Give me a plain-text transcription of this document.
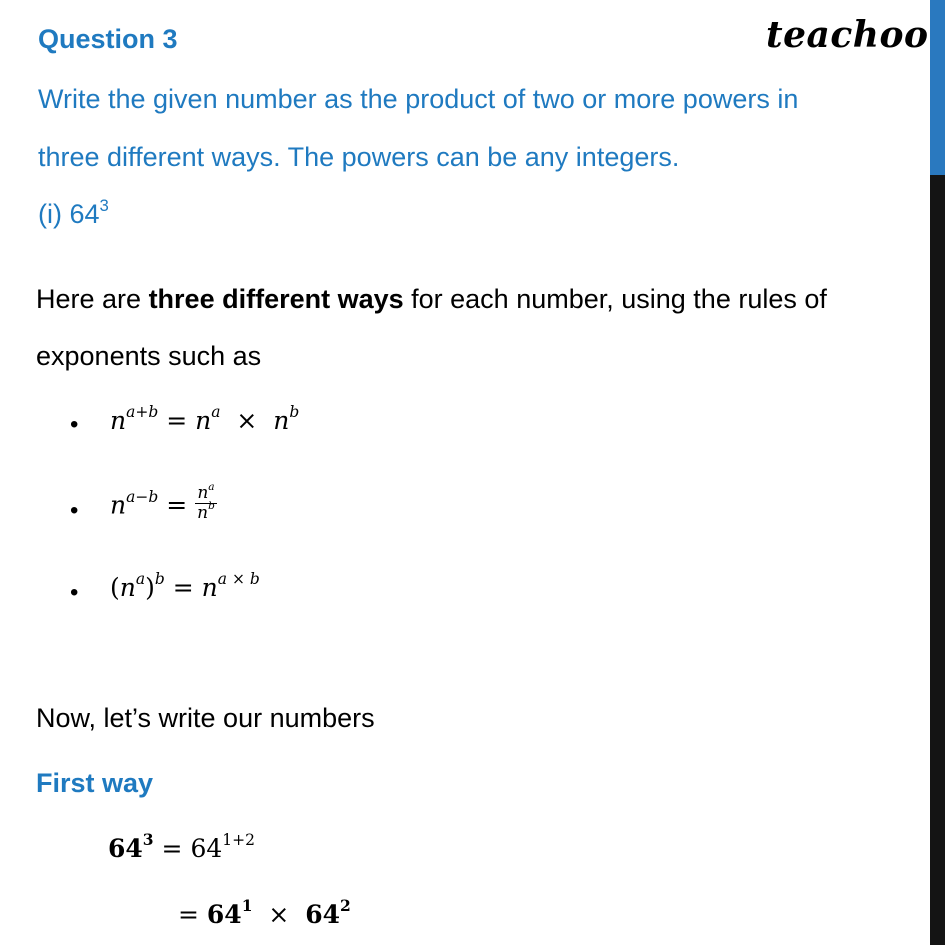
Question 3	teachoo
Write the given number as the product of two or more powers in
three different ways. The powers can be any integers.
(i) $64^3$
Here are three different ways for each number, using the rules of
exponents such as
• $n^{a+b} = n^a \times n^b$
• $n^{a-b} = \frac{n^a}{n^b}$
• $(n^a)^b = n^{a \times b}$
Now, let’s write our numbers
First way
$64^3 = 64^{1+2}$
= $64^1 \times 64^2$
